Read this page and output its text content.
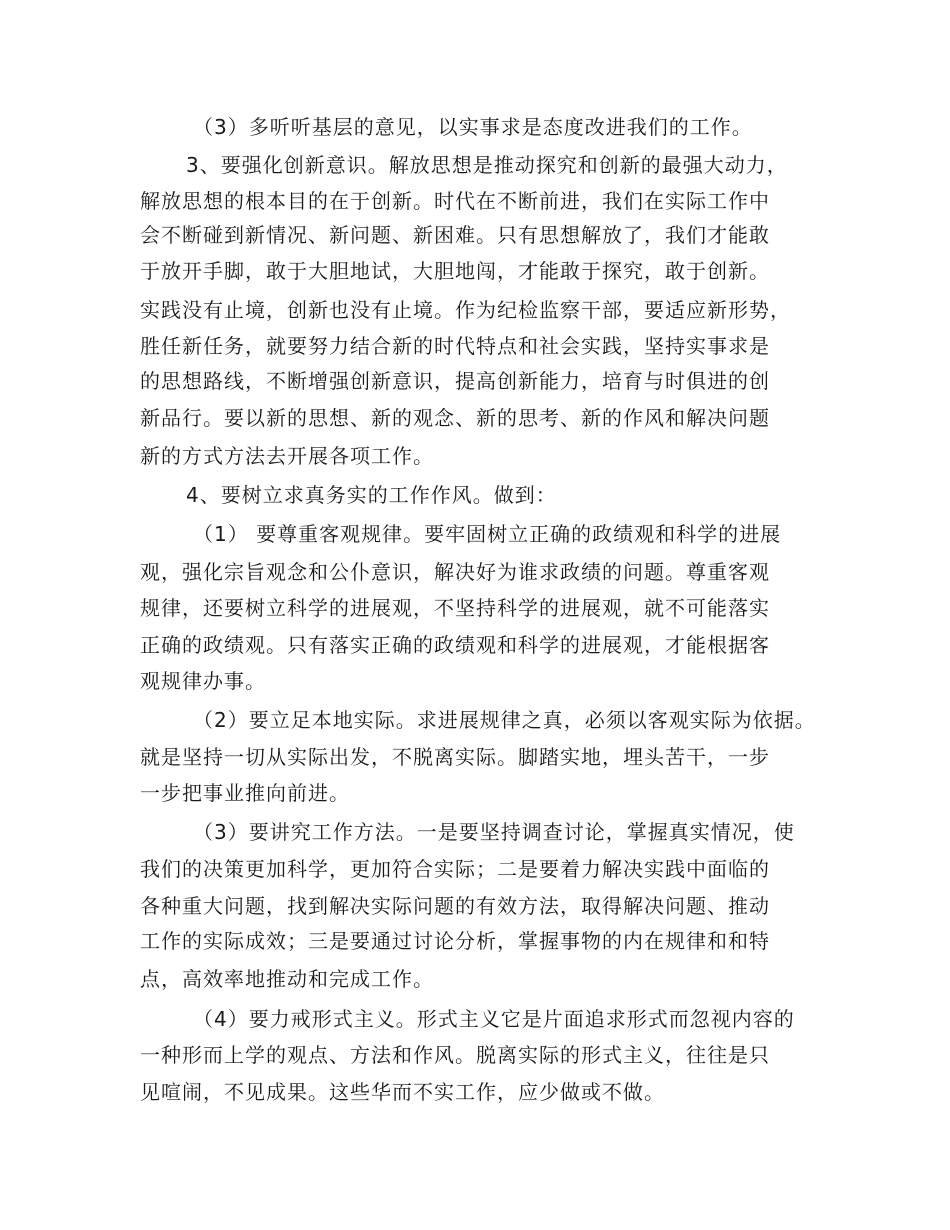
（3）多听听基层的意见，以实事求是态度改进我们的工作。
3、要强化创新意识。解放思想是推动探究和创新的最强大动力，
解放思想的根本目的在于创新。时代在不断前进，我们在实际工作中
会不断碰到新情况、新问题、新困难。只有思想解放了，我们才能敢
于放开手脚，敢于大胆地试，大胆地闯，才能敢于探究，敢于创新。
实践没有止境，创新也没有止境。作为纪检监察干部，要适应新形势，
胜任新任务，就要努力结合新的时代特点和社会实践，坚持实事求是
的思想路线，不断增强创新意识，提高创新能力，培育与时俱进的创
新品行。要以新的思想、新的观念、新的思考、新的作风和解决问题
新的方式方法去开展各项工作。
4、要树立求真务实的工作作风。做到：
（1） 要尊重客观规律。要牢固树立正确的政绩观和科学的进展
观，强化宗旨观念和公仆意识，解决好为谁求政绩的问题。尊重客观
规律，还要树立科学的进展观，不坚持科学的进展观，就不可能落实
正确的政绩观。只有落实正确的政绩观和科学的进展观，才能根据客
观规律办事。
（2）要立足本地实际。求进展规律之真，必须以客观实际为依据。
就是坚持一切从实际出发，不脱离实际。脚踏实地，埋头苦干，一步
一步把事业推向前进。
（3）要讲究工作方法。一是要坚持调查讨论，掌握真实情况，使
我们的决策更加科学，更加符合实际；二是要着力解决实践中面临的
各种重大问题，找到解决实际问题的有效方法，取得解决问题、推动
工作的实际成效；三是要通过讨论分析，掌握事物的内在规律和和特
点，高效率地推动和完成工作。
（4）要力戒形式主义。形式主义它是片面追求形式而忽视内容的
一种形而上学的观点、方法和作风。脱离实际的形式主义，往往是只
见喧闹，不见成果。这些华而不实工作，应少做或不做。
